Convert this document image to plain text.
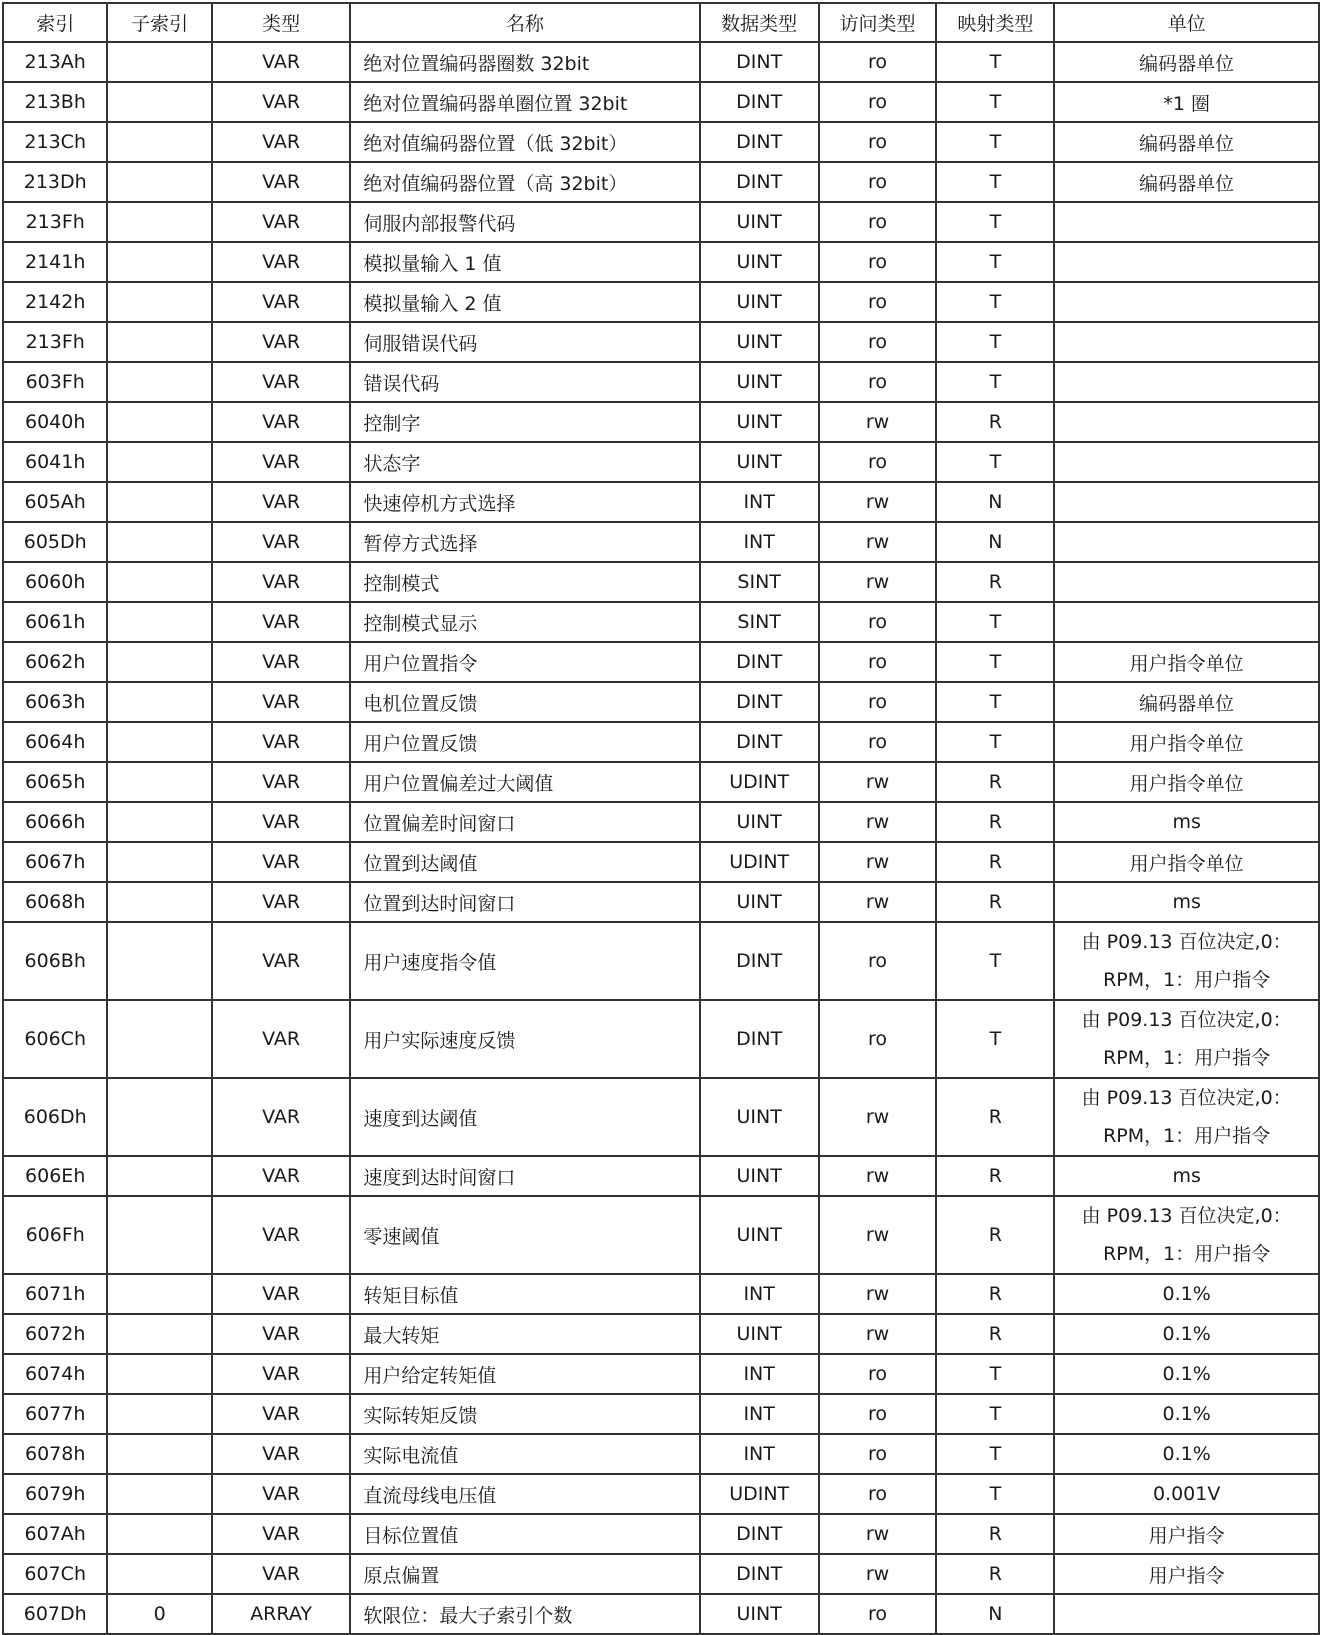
索引	子索引	类型	名称	数据类型	访问类型	映射类型	单位
213Ah		VAR	绝对位置编码器圈数 32bit	DINT	ro	T	编码器单位
213Bh		VAR	绝对位置编码器单圈位置 32bit	DINT	ro	T	*1 圈
213Ch		VAR	绝对值编码器位置（低 32bit）	DINT	ro	T	编码器单位
213Dh		VAR	绝对值编码器位置（高 32bit）	DINT	ro	T	编码器单位
213Fh		VAR	伺服内部报警代码	UINT	ro	T	
2141h		VAR	模拟量输入 1 值	UINT	ro	T	
2142h		VAR	模拟量输入 2 值	UINT	ro	T	
213Fh		VAR	伺服错误代码	UINT	ro	T	
603Fh		VAR	错误代码	UINT	ro	T	
6040h		VAR	控制字	UINT	rw	R	
6041h		VAR	状态字	UINT	ro	T	
605Ah		VAR	快速停机方式选择	INT	rw	N	
605Dh		VAR	暂停方式选择	INT	rw	N	
6060h		VAR	控制模式	SINT	rw	R	
6061h		VAR	控制模式显示	SINT	ro	T	
6062h		VAR	用户位置指令	DINT	ro	T	用户指令单位
6063h		VAR	电机位置反馈	DINT	ro	T	编码器单位
6064h		VAR	用户位置反馈	DINT	ro	T	用户指令单位
6065h		VAR	用户位置偏差过大阈值	UDINT	rw	R	用户指令单位
6066h		VAR	位置偏差时间窗口	UINT	rw	R	ms
6067h		VAR	位置到达阈值	UDINT	rw	R	用户指令单位
6068h		VAR	位置到达时间窗口	UINT	rw	R	ms
606Bh		VAR	用户速度指令值	DINT	ro	T	由 P09.13 百位决定,0：RPM，1：用户指令
606Ch		VAR	用户实际速度反馈	DINT	ro	T	由 P09.13 百位决定,0：RPM，1：用户指令
606Dh		VAR	速度到达阈值	UINT	rw	R	由 P09.13 百位决定,0：RPM，1：用户指令
606Eh		VAR	速度到达时间窗口	UINT	rw	R	ms
606Fh		VAR	零速阈值	UINT	rw	R	由 P09.13 百位决定,0：RPM，1：用户指令
6071h		VAR	转矩目标值	INT	rw	R	0.1%
6072h		VAR	最大转矩	UINT	rw	R	0.1%
6074h		VAR	用户给定转矩值	INT	ro	T	0.1%
6077h		VAR	实际转矩反馈	INT	ro	T	0.1%
6078h		VAR	实际电流值	INT	ro	T	0.1%
6079h		VAR	直流母线电压值	UDINT	ro	T	0.001V
607Ah		VAR	目标位置值	DINT	rw	R	用户指令
607Ch		VAR	原点偏置	DINT	rw	R	用户指令
607Dh	0	ARRAY	软限位：最大子索引个数	UINT	ro	N	
